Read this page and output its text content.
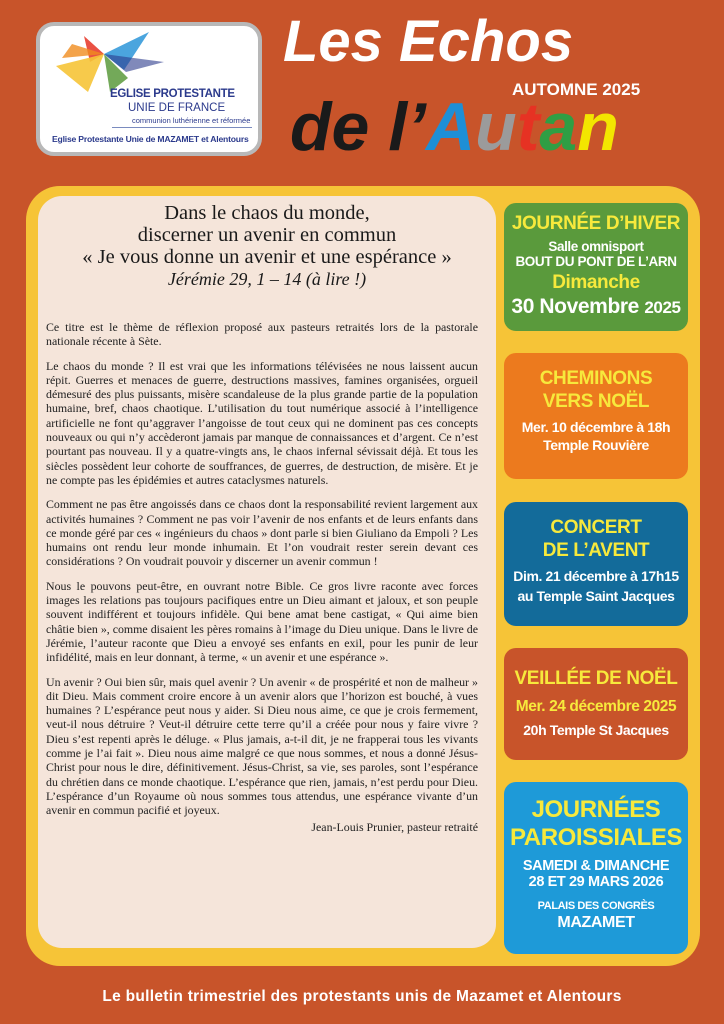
EGLISE PROTESTANTE
UNIE DE FRANCE
communion luthérienne et réformée
Eglise Protestante Unie de MAZAMET et Alentours
Les Echos
AUTOMNE 2025
de l’Autan
Dans le chaos du monde,
discerner un avenir en commun
« Je vous donne un avenir et une espérance »
Jérémie 29, 1 – 14 (à lire !)

Ce titre est le thème de réflexion proposé aux pasteurs retraités lors de la pastorale nationale récente à Sète.

Le chaos du monde ? Il est vrai que les informations télévisées ne nous laissent aucun répit. Guerres et menaces de guerre, destructions massives, famines organisées, orgueil démesuré des plus puissants, misère scandaleuse de la plus grande partie de la population humaine, bref, chaos chaotique. L’utilisation du tout numérique associé à l’intelligence artificielle ne font qu’aggraver l’angoisse de tout ceux qui ne dominent pas ces concepts nouveaux ou qui n’y accèderont jamais par manque de connaissances et d’argent. Ce n’est pourtant pas nouveau. Il y a quatre-vingts ans, le chaos infernal sévissait déjà. Et tous les siècles possèdent leur cohorte de souffrances, de guerres, de destruction, de misère. Et je ne compte pas les épidémies et autres cataclysmes naturels.

Comment ne pas être angoissés dans ce chaos dont la responsabilité revient largement aux activités humaines ? Comment ne pas voir l’avenir de nos enfants et de leurs enfants dans ce monde géré par ces « ingénieurs du chaos » dont parle si bien Giuliano da Empoli ? Les humains ont rendu leur monde inhumain. Et l’on voudrait rester serein devant ces considérations ? On voudrait pouvoir y discerner un avenir commun !

Nous le pouvons peut-être, en ouvrant notre Bible. Ce gros livre raconte avec forces images les relations pas toujours pacifiques entre un Dieu aimant et jaloux, et son peuple souvent indifférent et toujours infidèle. Qui bene amat bene castigat, « Qui aime bien châtie bien », comme disaient les pères romains à l’image du Dieu unique. Dans le livre de Jérémie, l’auteur raconte que Dieu a envoyé ses enfants en exil, pour les punir de leur infidélité, mais en leur donnant, à terme, « un avenir et une espérance ».

Un avenir ? Oui bien sûr, mais quel avenir ? Un avenir « de prospérité et non de malheur » dit Dieu. Mais comment croire encore à un avenir alors que l’horizon est bouché, à vues humaines ? L’espérance peut nous y aider. Si Dieu nous aime, ce que je crois fermement, veut-il nous détruire ? Veut-il détruire cette terre qu’il a créée pour nous y faire vivre ? Dieu s’est repenti après le déluge. « Plus jamais, a-t-il dit, je ne frapperai tous les vivants comme je l’ai fait ». Dieu nous aime malgré ce que nous sommes, et nous a donné Jésus-Christ pour nous le dire, définitivement. Jésus-Christ, sa vie, ses paroles, sont l’espérance du chrétien dans ce monde chaotique. L’espérance que rien, jamais, n’est perdu pour Dieu. L’espérance d’un Royaume où nous sommes tous attendus, une espérance vivante d’un avenir en commun pacifié et joyeux.

Jean-Louis Prunier, pasteur retraité

JOURNÉE D’HIVER
Salle omnisport
BOUT DU PONT DE L’ARN
Dimanche
30 Novembre 2025
CHEMINONS
VERS NOËL
Mer. 10 décembre à 18h
Temple Rouvière
CONCERT
DE L’AVENT
Dim. 21 décembre à 17h15
au Temple Saint Jacques
VEILLÉE DE NOËL
Mer. 24 décembre 2025
20h Temple St Jacques
JOURNÉES
PAROISSIALES
SAMEDI & DIMANCHE
28 ET 29 MARS 2026
PALAIS DES CONGRÈS
MAZAMET
Le bulletin trimestriel des protestants unis de Mazamet et Alentours
